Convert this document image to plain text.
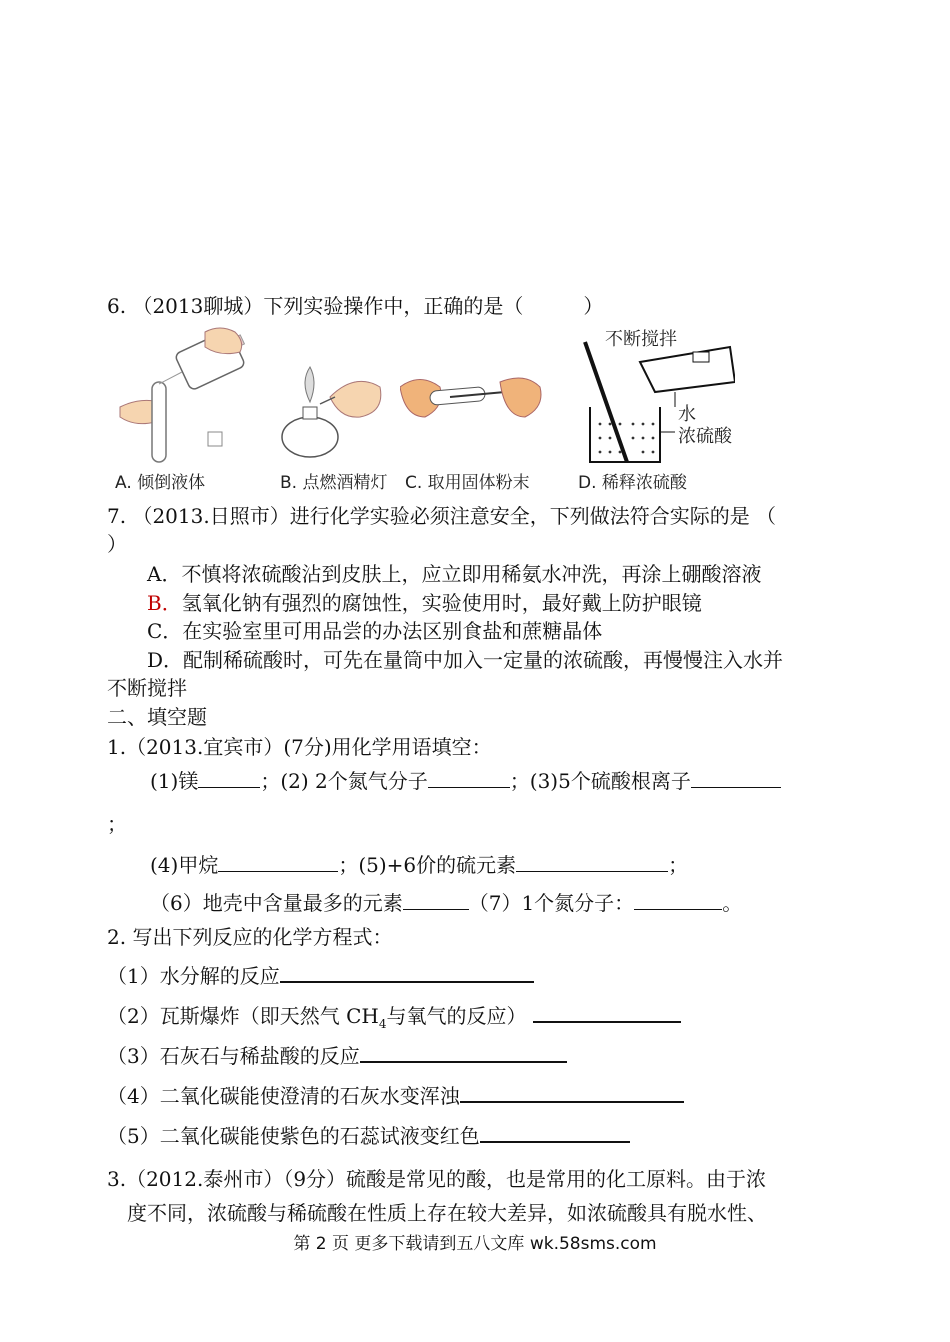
6. （2013聊城）下列实验操作中，正确的是（　　　）
不断搅拌
水
浓硫酸
A. 倾倒液体	B. 点燃酒精灯 C. 取用固体粉末	D. 稀释浓硫酸
7. （2013.日照市）进行化学实验必须注意安全，下列做法符合实际的是 （
）
A．不慎将浓硫酸沾到皮肤上，应立即用稀氨水冲洗，再涂上硼酸溶液
B．氢氧化钠有强烈的腐蚀性，实验使用时，最好戴上防护眼镜
C．在实验室里可用品尝的办法区别食盐和蔗糖晶体
D．配制稀硫酸时，可先在量筒中加入一定量的浓硫酸，再慢慢注入水并
不断搅拌
二、填空题
1.（2013.宜宾市）(7分)用化学用语填空：
(1)镁	；(2) 2个氮气分子	；(3)5个硫酸根离子
；
(4)甲烷	；(5)+6价的硫元素	；
（6）地壳中含量最多的元素	（7）1个氮分子：	。
2. 写出下列反应的化学方程式：
（1）水分解的反应
（2）瓦斯爆炸（即天然气 $CH_4$与氧气的反应）
（3）石灰石与稀盐酸的反应
（4）二氧化碳能使澄清的石灰水变浑浊
（5）二氧化碳能使紫色的石蕊试液变红色
3.（2012.泰州市）（9分）硫酸是常见的酸，也是常用的化工原料。由于浓
度不同，浓硫酸与稀硫酸在性质上存在较大差异，如浓硫酸具有脱水性、
第 2 页 更多下载请到五八文库 wk.58sms.com
